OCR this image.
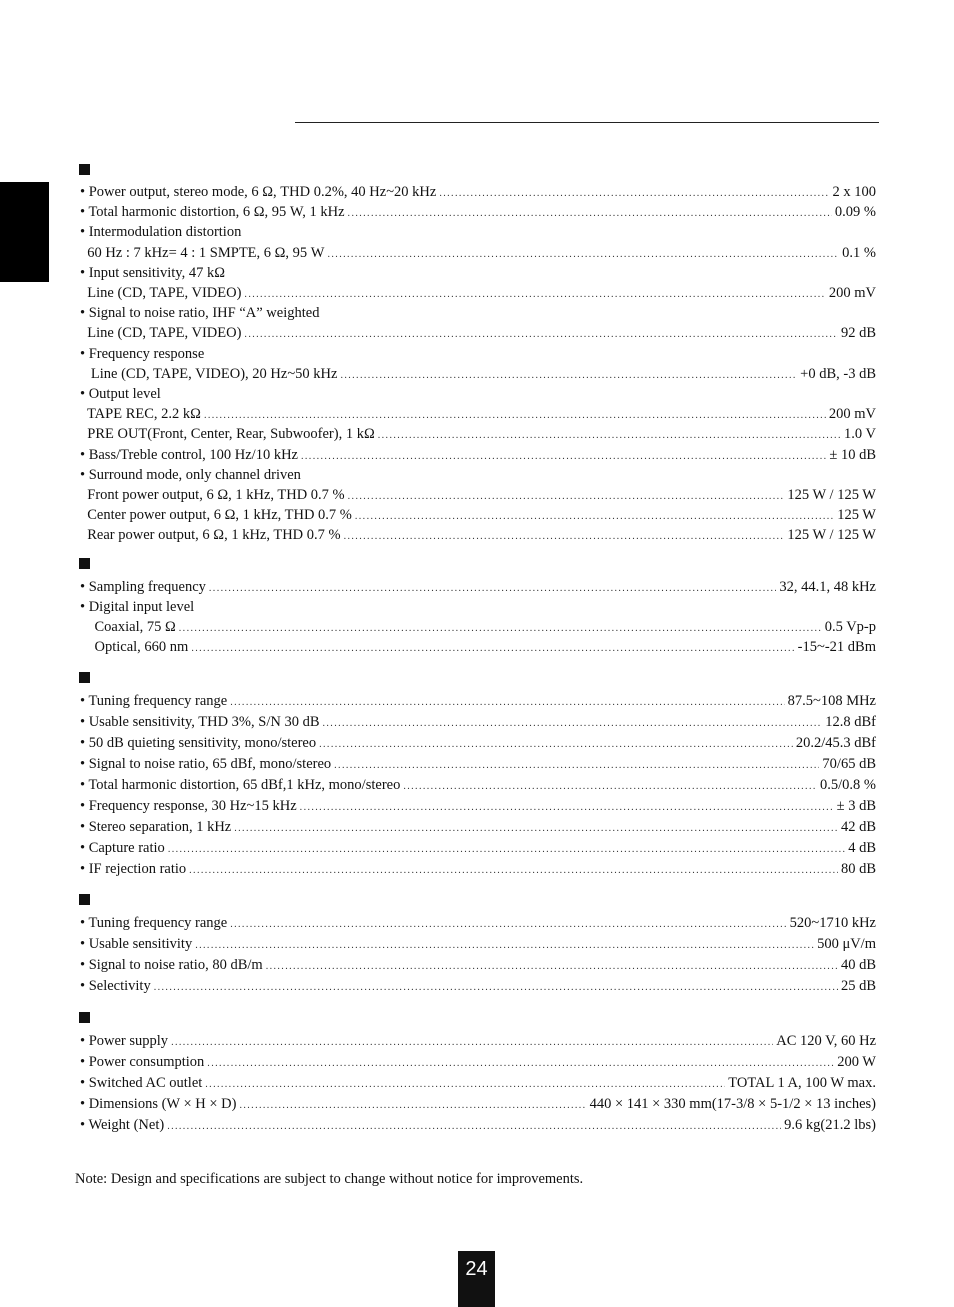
• Power output, stereo mode, 6 Ω, THD 0.2%, 40 Hz~20 kHz .....	2 x 100
• Total harmonic distortion, 6 Ω, 95 W, 1 kHz .....	0.09 %
• Intermodulation distortion
60 Hz : 7 kHz= 4 : 1 SMPTE, 6 Ω, 95 W .....	0.1 %
• Input sensitivity, 47 kΩ
Line (CD, TAPE, VIDEO) .....	200 mV
• Signal to noise ratio, IHF “A” weighted
Line (CD, TAPE, VIDEO) .....	92 dB
• Frequency response
Line (CD, TAPE, VIDEO), 20 Hz~50 kHz .....	+0 dB, -3 dB
• Output level
TAPE REC, 2.2 kΩ .....	200 mV
PRE OUT(Front, Center, Rear, Subwoofer), 1 kΩ .....	1.0 V
• Bass/Treble control, 100 Hz/10 kHz .....	± 10 dB
• Surround mode, only channel driven
Front power output, 6 Ω, 1 kHz, THD 0.7 % .....	125 W / 125 W
Center power output, 6 Ω, 1 kHz, THD 0.7 % .....	125 W
Rear power output, 6 Ω, 1 kHz, THD 0.7 % .....	125 W / 125 W
• Sampling frequency .....	32, 44.1, 48 kHz
• Digital input level
Coaxial, 75 Ω .....	0.5 Vp-p
Optical, 660 nm .....	-15~-21 dBm
• Tuning frequency range .....	87.5~108 MHz
• Usable sensitivity, THD 3%, S/N 30 dB .....	12.8 dBf
• 50 dB quieting sensitivity, mono/stereo .....	20.2/45.3 dBf
• Signal to noise ratio, 65 dBf, mono/stereo .....	70/65 dB
• Total harmonic distortion, 65 dBf,1 kHz, mono/stereo .....	0.5/0.8 %
• Frequency response, 30 Hz~15 kHz .....	± 3 dB
• Stereo separation, 1 kHz .....	42 dB
• Capture ratio .....	4 dB
• IF rejection ratio .....	80 dB
• Tuning frequency range .....	520~1710 kHz
• Usable sensitivity .....	500 μV/m
• Signal to noise ratio, 80 dB/m .....	40 dB
• Selectivity .....	25 dB
• Power supply .....	AC 120 V, 60 Hz
• Power consumption .....	200 W
• Switched AC outlet .....	TOTAL 1 A, 100 W max.
• Dimensions (W × H × D) .....	440 × 141 × 330 mm(17-3/8 × 5-1/2 × 13 inches)
• Weight (Net) .....	9.6 kg(21.2 lbs)
Note: Design and specifications are subject to change without notice for improvements.
24
